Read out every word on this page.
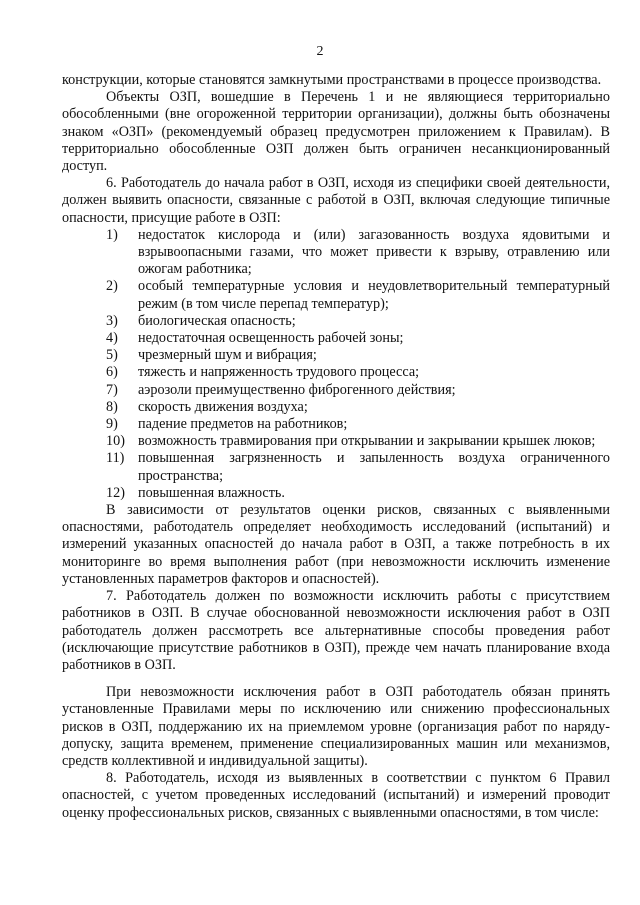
2

конструкции, которые становятся замкнутыми пространствами в процессе производства.

Объекты ОЗП, вошедшие в Перечень 1 и не являющиеся территориально обособленными (вне огороженной территории организации), должны быть обозначены знаком «ОЗП» (рекомендуемый образец предусмотрен приложением к Правилам). В территориально обособленные ОЗП должен быть ограничен несанкционированный доступ.

6. Работодатель до начала работ в ОЗП, исходя из специфики своей деятельности, должен выявить опасности, связанные с работой в ОЗП, включая следующие типичные опасности, присущие работе в ОЗП:

1)	недостаток кислорода и (или) загазованность воздуха ядовитыми и взрывоопасными газами, что может привести к взрыву, отравлению или ожогам работника;
2)	особый температурные условия и неудовлетворительный температурный режим (в том числе перепад температур);
3)	биологическая опасность;
4)	недостаточная освещенность рабочей зоны;
5)	чрезмерный шум и вибрация;
6)	тяжесть и напряженность трудового процесса;
7)	аэрозоли преимущественно фиброгенного действия;
8)	скорость движения воздуха;
9)	падение предметов на работников;
10) возможность травмирования при открывании и закрывании крышек люков;
11) повышенная загрязненность и запыленность воздуха ограниченного пространства;
12) повышенная влажность.

В зависимости от результатов оценки рисков, связанных с выявленными опасностями, работодатель определяет необходимость исследований (испытаний) и измерений указанных опасностей до начала работ в ОЗП, а также потребность в их мониторинге во время выполнения работ (при невозможности исключить изменение установленных параметров факторов и опасностей).

7. Работодатель должен по возможности исключить работы с присутствием работников в ОЗП. В случае обоснованной невозможности исключения работ в ОЗП работодатель должен рассмотреть все альтернативные способы проведения работ (исключающие присутствие работников в ОЗП), прежде чем начать планирование входа работников в ОЗП.

При невозможности исключения работ в ОЗП работодатель обязан принять установленные Правилами меры по исключению или снижению профессиональных рисков в ОЗП, поддержанию их на приемлемом уровне (организация работ по наряду-допуску, защита временем, применение специализированных машин или механизмов, средств коллективной и индивидуальной защиты).

8. Работодатель, исходя из выявленных в соответствии с пунктом 6 Правил опасностей, с учетом проведенных исследований (испытаний) и измерений проводит оценку профессиональных рисков, связанных с выявленными опасностями, в том числе:
